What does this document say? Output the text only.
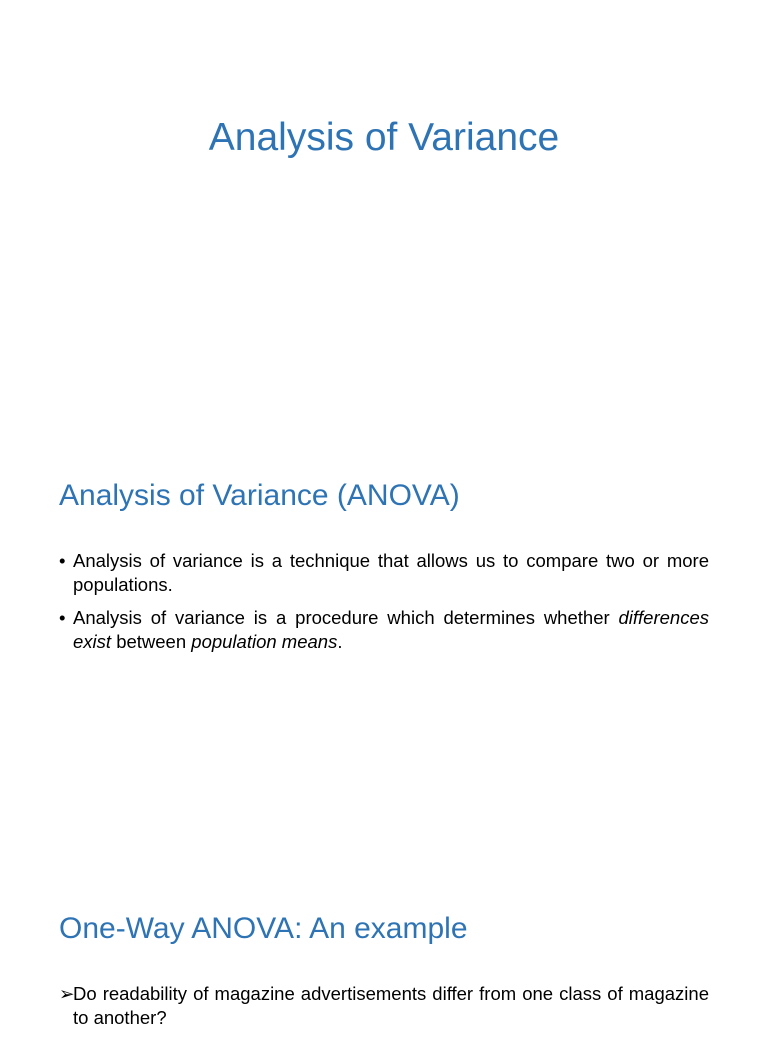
Analysis of Variance
Analysis of Variance (ANOVA)
• Analysis of variance is a technique that allows us to compare two or more populations.
• Analysis of variance is a procedure which determines whether differences exist between population means.
One-Way ANOVA: An example
➢
Do readability of magazine advertisements differ from one class of magazine to another?
